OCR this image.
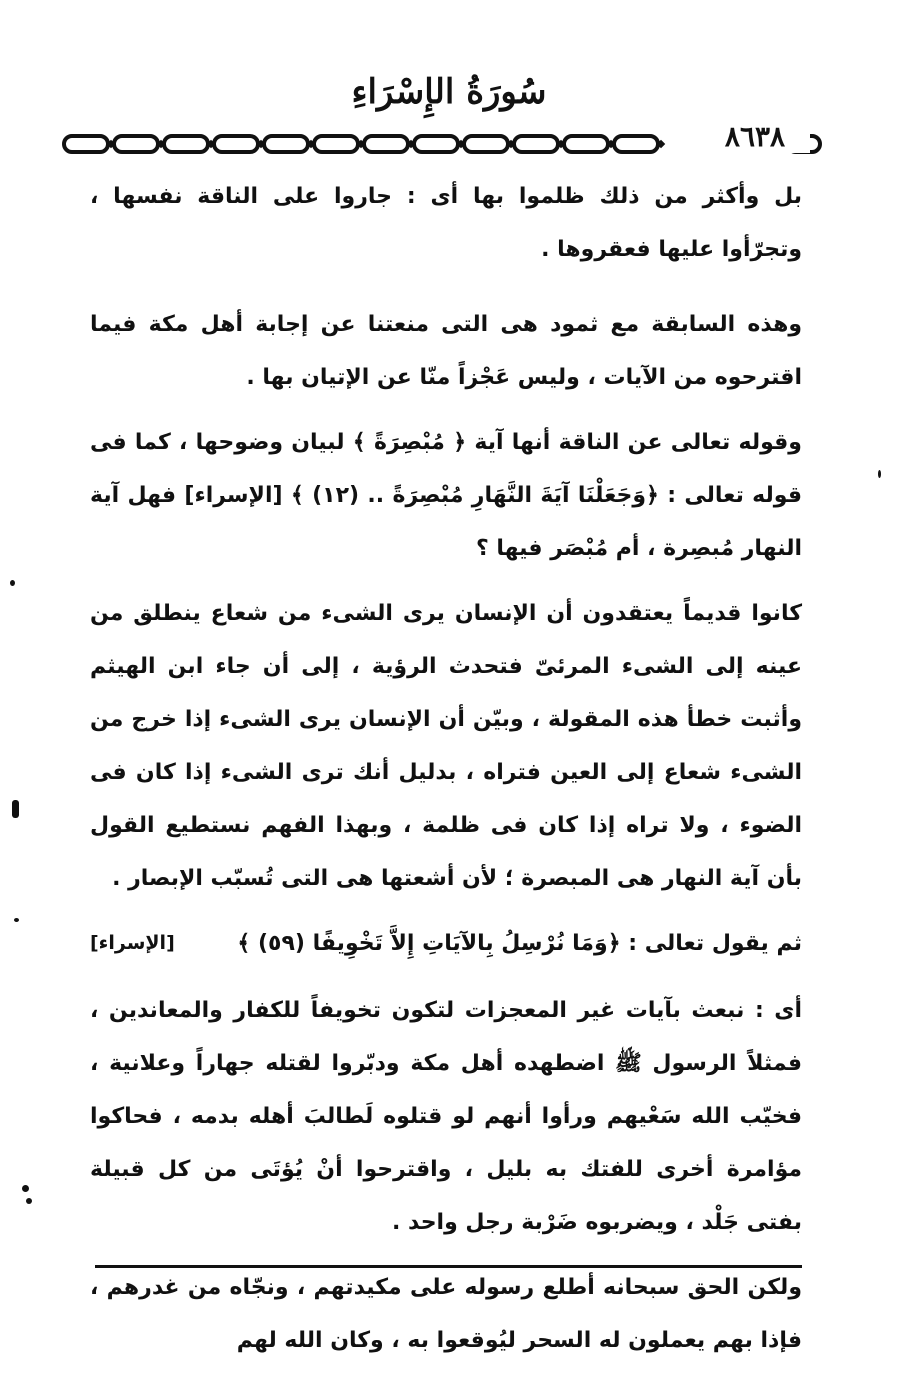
سُورَةُ الإِسْرَاءِ
٨٦٣٨

بل وأكثر من ذلك ظلموا بها أى : جاروا على الناقة نفسها ، وتجرّأوا عليها فعقروها .

وهذه السابقة مع ثمود هى التى منعتنا عن إجابة أهل مكة فيما اقترحوه من الآيات ، وليس عَجْزاً منّا عن الإتيان بها .

وقوله تعالى عن الناقة أنها آية ﴿ مُبْصِرَةً ﴾ لبيان وضوحها ، كما فى قوله تعالى : ﴿وَجَعَلْنَا آيَةَ النَّهَارِ مُبْصِرَةً .. (١٢) ﴾ [الإسراء] فهل آية النهار مُبصِرة ، أم مُبْصَر فيها ؟

كانوا قديماً يعتقدون أن الإنسان يرى الشىء من شعاع ينطلق من عينه إلى الشىء المرئىّ فتحدث الرؤية ، إلى أن جاء ابن الهيثم وأثبت خطأ هذه المقولة ، وبيّن أن الإنسان يرى الشىء إذا خرج من الشىء شعاع إلى العين فتراه ، بدليل أنك ترى الشىء إذا كان فى الضوء ، ولا تراه إذا كان فى ظلمة ، وبهذا الفهم نستطيع القول بأن آية النهار هى المبصرة ؛ لأن أشعتها هى التى تُسبّب الإبصار .

ثم يقول تعالى : ﴿وَمَا نُرْسِلُ بِالآيَاتِ إِلاَّ تَخْوِيفًا (٥٩) ﴾
[الإسراء]

أى : نبعث بآيات غير المعجزات لتكون تخويفاً للكفار والمعاندين ، فمثلاً الرسول ﷺ اضطهده أهل مكة ودبّروا لقتله جهاراً وعلانية ، فخيّب الله سَعْيهم ورأوا أنهم لو قتلوه لَطالبَ أهله بدمه ، فحاكوا مؤامرة أخرى للفتك به بليل ، واقترحوا أنْ يُؤتَى من كل قبيلة بفتى جَلْد ، ويضربوه ضَرْبة رجل واحد .

ولكن الحق سبحانه أطلع رسوله على مكيدتهم ، ونجّاه من غدرهم ، فإذا بهم يعملون له السحر ليُوقعوا به ، وكان الله لهم
